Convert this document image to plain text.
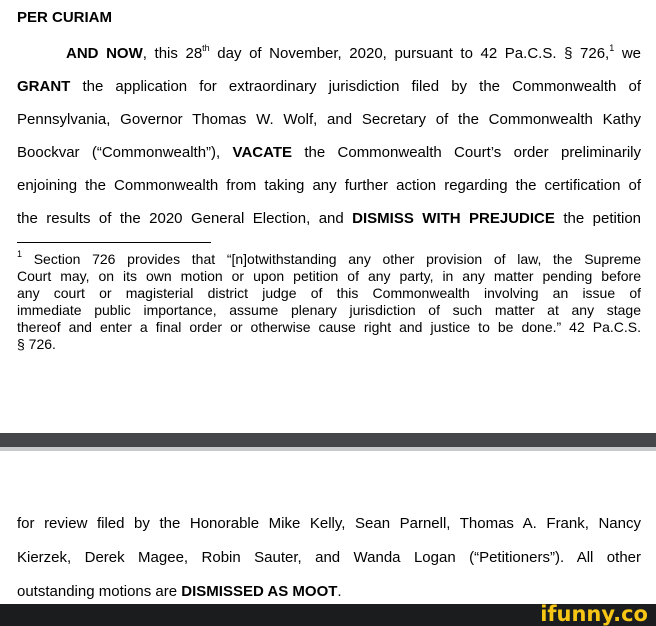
PER CURIAM
AND NOW, this 28th day of November, 2020, pursuant to 42 Pa.C.S. § 726,$^1$ we
GRANT the application for extraordinary jurisdiction filed by the Commonwealth of
Pennsylvania, Governor Thomas W. Wolf, and Secretary of the Commonwealth Kathy
Boockvar (“Commonwealth”), VACATE the Commonwealth Court’s order preliminarily
enjoining the Commonwealth from taking any further action regarding the certification of
the results of the 2020 General Election, and DISMISS WITH PREJUDICE the petition
$^1$ Section 726 provides that “[n]otwithstanding any other provision of law, the Supreme
Court may, on its own motion or upon petition of any party, in any matter pending before
any court or magisterial district judge of this Commonwealth involving an issue of
immediate public importance, assume plenary jurisdiction of such matter at any stage
thereof and enter a final order or otherwise cause right and justice to be done.” 42 Pa.C.S.
§ 726.
for review filed by the Honorable Mike Kelly, Sean Parnell, Thomas A. Frank, Nancy
Kierzek, Derek Magee, Robin Sauter, and Wanda Logan (“Petitioners”). All other
outstanding motions are DISMISSED AS MOOT.
ifunny.co
